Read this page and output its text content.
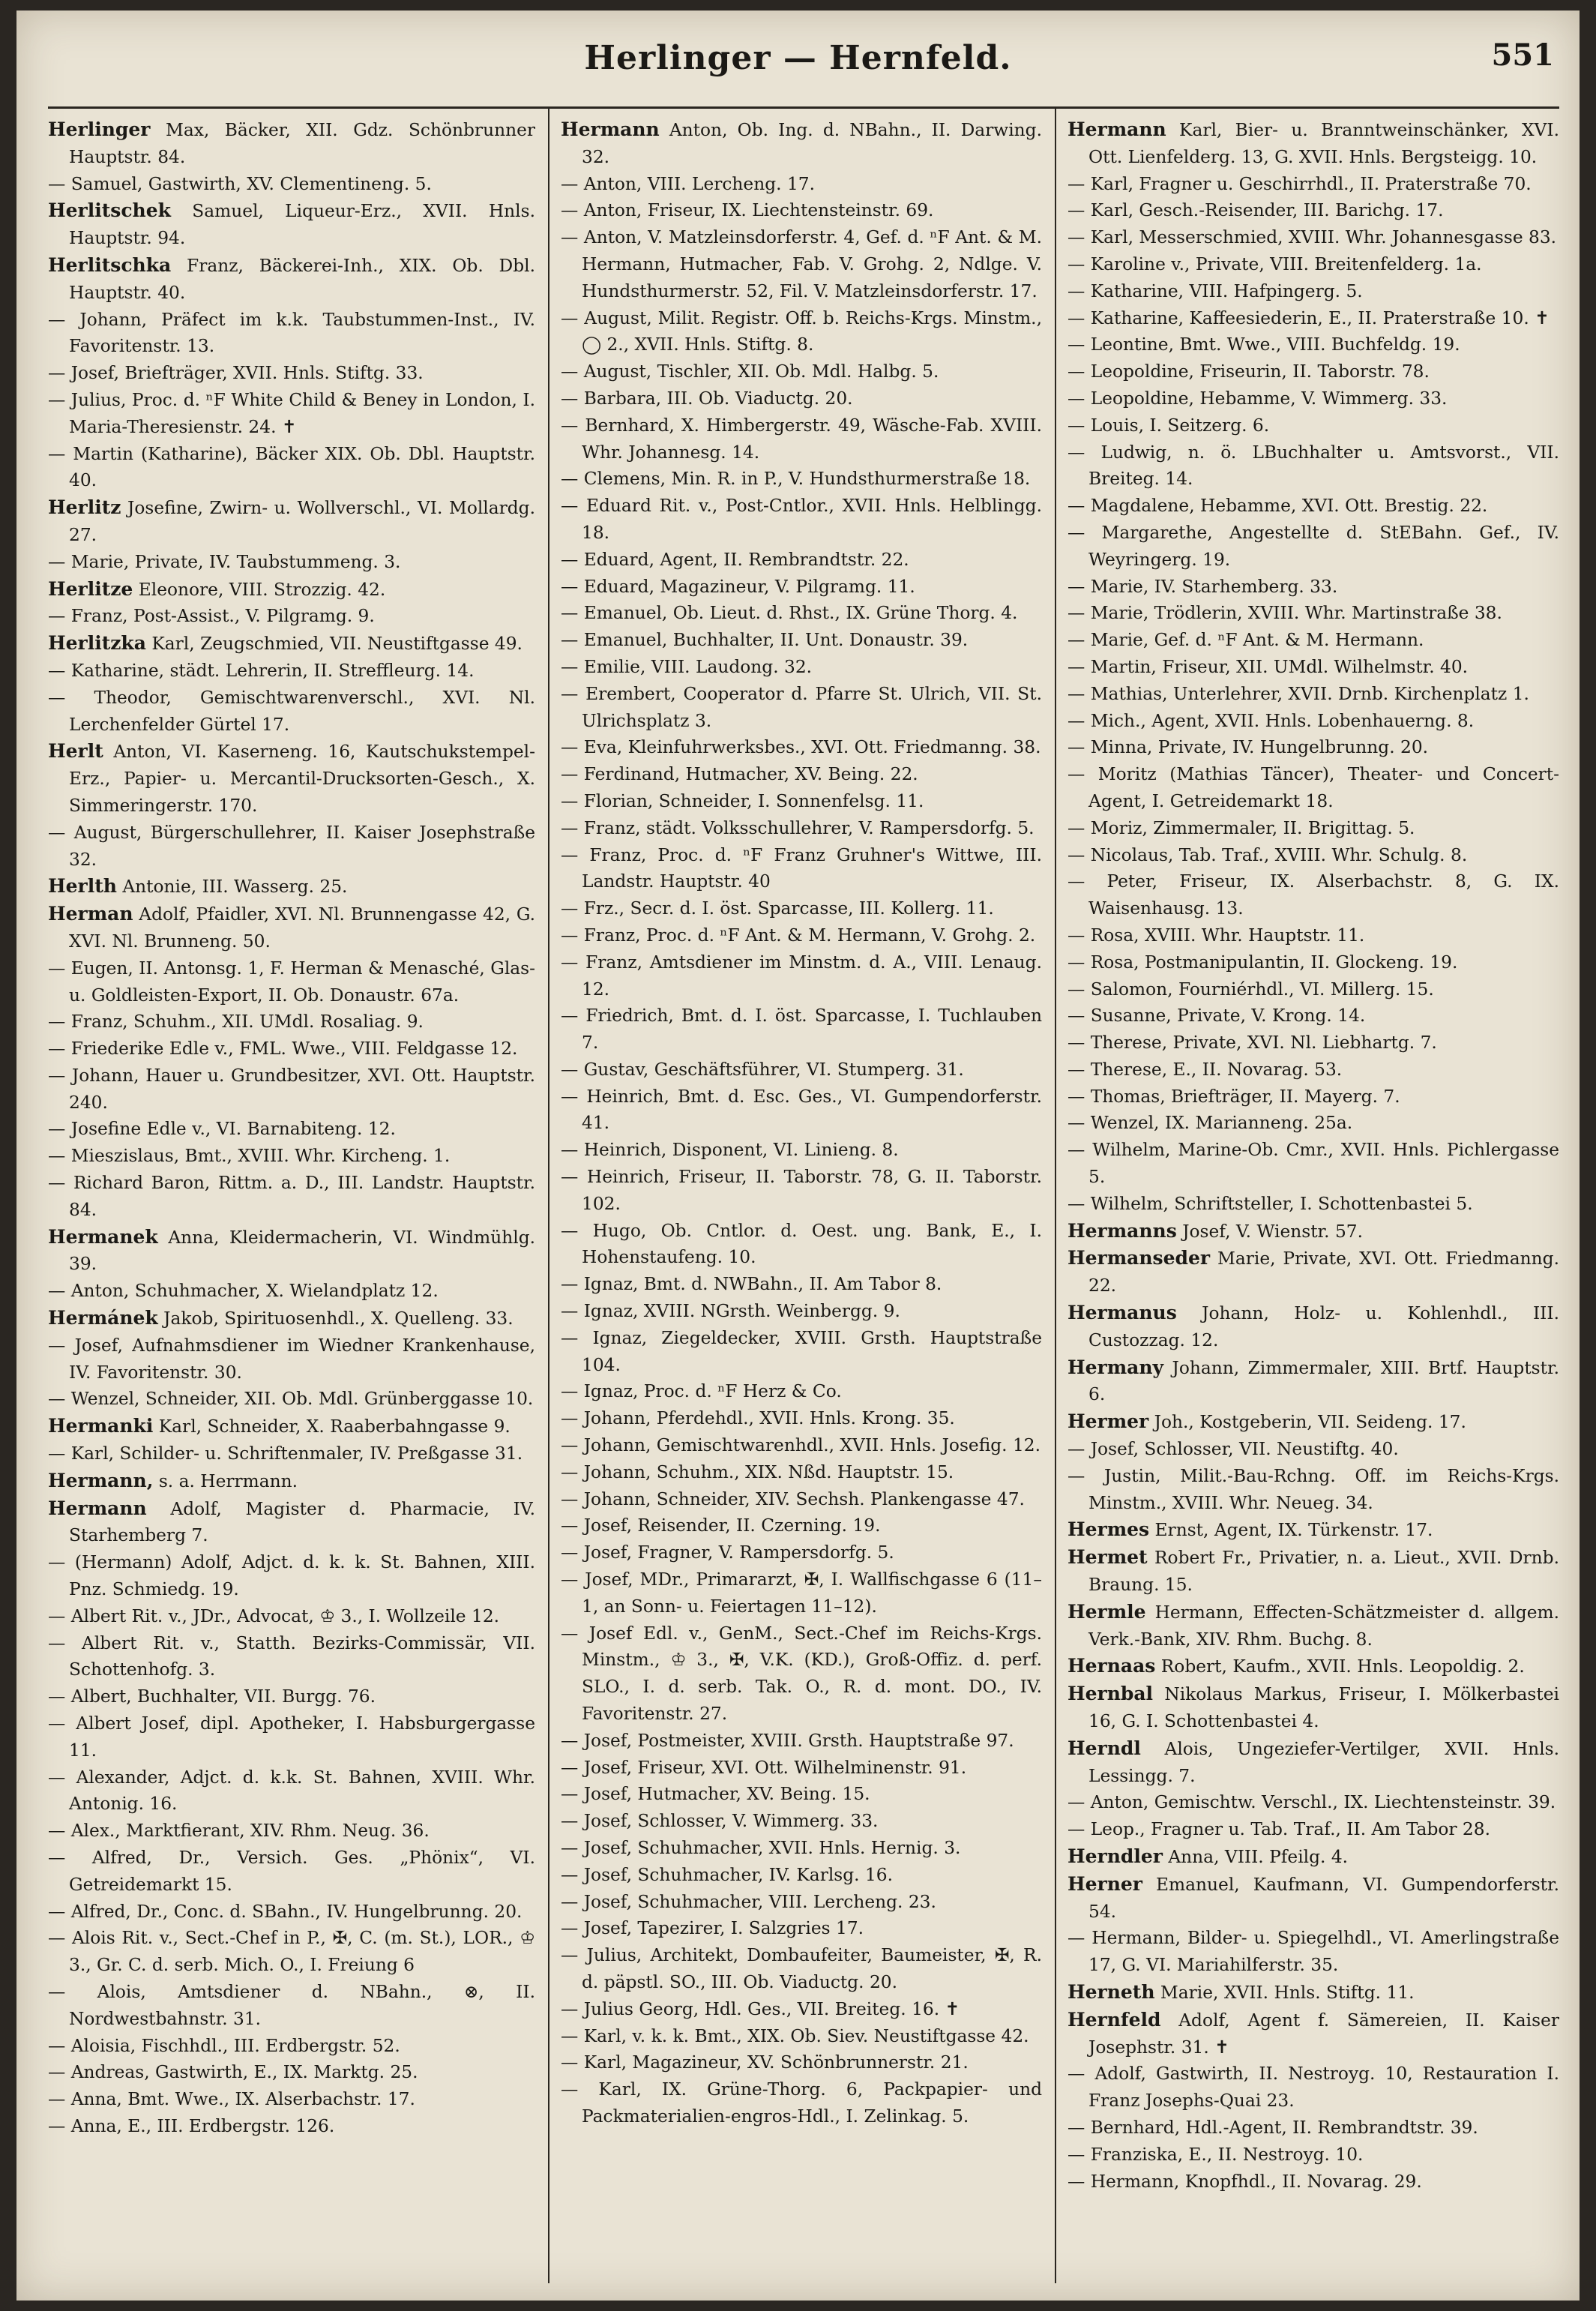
Herlinger — Hernfeld.	551
Herlinger Max, Bäcker, XII. Gdz. Schönbrunner Hauptstr. 84.
— Samuel, Gastwirth, XV. Clementineng. 5.
Herlitschek Samuel, Liqueur-Erz., XVII. Hnls. Hauptstr. 94.
Herlitschka Franz, Bäckerei-Inh., XIX. Ob. Dbl. Hauptstr. 40.
— Johann, Präfect im k.k. Taubstummen-Inst., IV. Favoritenstr. 13.
— Josef, Briefträger, XVII. Hnls. Stiftg. 33.
— Julius, Proc. d. ⁿF White Child & Beney in London, I. Maria-Theresienstr. 24. ✝
— Martin (Katharine), Bäcker XIX. Ob. Dbl. Hauptstr. 40.
Herlitz Josefine, Zwirn- u. Wollverschl., VI. Mollardg. 27.
— Marie, Private, IV. Taubstummeng. 3.
Herlitze Eleonore, VIII. Strozzig. 42.
— Franz, Post-Assist., V. Pilgramg. 9.
Herlitzka Karl, Zeugschmied, VII. Neustiftgasse 49.
— Katharine, städt. Lehrerin, II. Streffleurg. 14.
— Theodor, Gemischtwarenverschl., XVI. Nl. Lerchenfelder Gürtel 17.
Herlt Anton, VI. Kaserneng. 16, Kautschukstempel-Erz., Papier- u. Mercantil-Drucksorten-Gesch., X. Simmeringerstr. 170.
— August, Bürgerschullehrer, II. Kaiser Josephstraße 32.
Herlth Antonie, III. Wasserg. 25.
Herman Adolf, Pfaidler, XVI. Nl. Brunnengasse 42, G. XVI. Nl. Brunneng. 50.
— Eugen, II. Antonsg. 1, F. Herman & Menasché, Glas- u. Goldleisten-Export, II. Ob. Donaustr. 67a.
— Franz, Schuhm., XII. UMdl. Rosaliag. 9.
— Friederike Edle v., FML. Wwe., VIII. Feldgasse 12.
— Johann, Hauer u. Grundbesitzer, XVI. Ott. Hauptstr. 240.
— Josefine Edle v., VI. Barnabiteng. 12.
— Mieszislaus, Bmt., XVIII. Whr. Kircheng. 1.
— Richard Baron, Rittm. a. D., III. Landstr. Hauptstr. 84.
Hermanek Anna, Kleidermacherin, VI. Windmühlg. 39.
— Anton, Schuhmacher, X. Wielandplatz 12.
Hermánek Jakob, Spirituosenhdl., X. Quelleng. 33.
— Josef, Aufnahmsdiener im Wiedner Krankenhause, IV. Favoritenstr. 30.
— Wenzel, Schneider, XII. Ob. Mdl. Grünberggasse 10.
Hermanki Karl, Schneider, X. Raaberbahngasse 9.
— Karl, Schilder- u. Schriftenmaler, IV. Preßgasse 31.
Hermann, s. a. Herrmann.
Hermann Adolf, Magister d. Pharmacie, IV. Starhemberg 7.
— (Hermann) Adolf, Adjct. d. k. k. St. Bahnen, XIII. Pnz. Schmiedg. 19.
— Albert Rit. v., JDr., Advocat, ♔ 3., I. Wollzeile 12.
— Albert Rit. v., Statth. Bezirks-Commissär, VII. Schottenhofg. 3.
— Albert, Buchhalter, VII. Burgg. 76.
— Albert Josef, dipl. Apotheker, I. Habsburgergasse 11.
— Alexander, Adjct. d. k.k. St. Bahnen, XVIII. Whr. Antonig. 16.
— Alex., Marktfierant, XIV. Rhm. Neug. 36.
— Alfred, Dr., Versich. Ges. „Phönix“, VI. Getreidemarkt 15.
— Alfred, Dr., Conc. d. SBahn., IV. Hungelbrunng. 20.
— Alois Rit. v., Sect.-Chef in P., ✠, C. (m. St.), LOR., ♔ 3., Gr. C. d. serb. Mich. O., I. Freiung 6
— Alois, Amtsdiener d. NBahn., ⊗, II. Nordwestbahnstr. 31.
— Aloisia, Fischhdl., III. Erdbergstr. 52.
— Andreas, Gastwirth, E., IX. Marktg. 25.
— Anna, Bmt. Wwe., IX. Alserbachstr. 17.
— Anna, E., III. Erdbergstr. 126.
Hermann Anton, Ob. Ing. d. NBahn., II. Darwing. 32.
— Anton, VIII. Lercheng. 17.
— Anton, Friseur, IX. Liechtensteinstr. 69.
— Anton, V. Matzleinsdorferstr. 4, Gef. d. ⁿF Ant. & M. Hermann, Hutmacher, Fab. V. Grohg. 2, Ndlge. V. Hundsthurmerstr. 52, Fil. V. Matzleinsdorferstr. 17.
— August, Milit. Registr. Off. b. Reichs-Krgs. Minstm., ◯ 2., XVII. Hnls. Stiftg. 8.
— August, Tischler, XII. Ob. Mdl. Halbg. 5.
— Barbara, III. Ob. Viaductg. 20.
— Bernhard, X. Himbergerstr. 49, Wäsche-Fab. XVIII. Whr. Johannesg. 14.
— Clemens, Min. R. in P., V. Hundsthurmerstraße 18.
— Eduard Rit. v., Post-Cntlor., XVII. Hnls. Helblingg. 18.
— Eduard, Agent, II. Rembrandtstr. 22.
— Eduard, Magazineur, V. Pilgramg. 11.
— Emanuel, Ob. Lieut. d. Rhst., IX. Grüne Thorg. 4.
— Emanuel, Buchhalter, II. Unt. Donaustr. 39.
— Emilie, VIII. Laudong. 32.
— Erembert, Cooperator d. Pfarre St. Ulrich, VII. St. Ulrichsplatz 3.
— Eva, Kleinfuhrwerksbes., XVI. Ott. Friedmanng. 38.
— Ferdinand, Hutmacher, XV. Being. 22.
— Florian, Schneider, I. Sonnenfelsg. 11.
— Franz, städt. Volksschullehrer, V. Rampersdorfg. 5.
— Franz, Proc. d. ⁿF Franz Gruhner's Wittwe, III. Landstr. Hauptstr. 40
— Frz., Secr. d. I. öst. Sparcasse, III. Kollerg. 11.
— Franz, Proc. d. ⁿF Ant. & M. Hermann, V. Grohg. 2.
— Franz, Amtsdiener im Minstm. d. A., VIII. Lenaug. 12.
— Friedrich, Bmt. d. I. öst. Sparcasse, I. Tuchlauben 7.
— Gustav, Geschäftsführer, VI. Stumperg. 31.
— Heinrich, Bmt. d. Esc. Ges., VI. Gumpendorferstr. 41.
— Heinrich, Disponent, VI. Linieng. 8.
— Heinrich, Friseur, II. Taborstr. 78, G. II. Taborstr. 102.
— Hugo, Ob. Cntlor. d. Oest. ung. Bank, E., I. Hohenstaufeng. 10.
— Ignaz, Bmt. d. NWBahn., II. Am Tabor 8.
— Ignaz, XVIII. NGrsth. Weinbergg. 9.
— Ignaz, Ziegeldecker, XVIII. Grsth. Hauptstraße 104.
— Ignaz, Proc. d. ⁿF Herz & Co.
— Johann, Pferdehdl., XVII. Hnls. Krong. 35.
— Johann, Gemischtwarenhdl., XVII. Hnls. Josefig. 12.
— Johann, Schuhm., XIX. Nßd. Hauptstr. 15.
— Johann, Schneider, XIV. Sechsh. Plankengasse 47.
— Josef, Reisender, II. Czerning. 19.
— Josef, Fragner, V. Rampersdorfg. 5.
— Josef, MDr., Primararzt, ✠, I. Wallfischgasse 6 (11–1, an Sonn- u. Feiertagen 11–12).
— Josef Edl. v., GenM., Sect.-Chef im Reichs-Krgs. Minstm., ♔ 3., ✠, V.K. (KD.), Groß-Offiz. d. perf. SLO., I. d. serb. Tak. O., R. d. mont. DO., IV. Favoritenstr. 27.
— Josef, Postmeister, XVIII. Grsth. Hauptstraße 97.
— Josef, Friseur, XVI. Ott. Wilhelminenstr. 91.
— Josef, Hutmacher, XV. Being. 15.
— Josef, Schlosser, V. Wimmerg. 33.
— Josef, Schuhmacher, XVII. Hnls. Hernig. 3.
— Josef, Schuhmacher, IV. Karlsg. 16.
— Josef, Schuhmacher, VIII. Lercheng. 23.
— Josef, Tapezirer, I. Salzgries 17.
— Julius, Architekt, Dombaufeiter, Baumeister, ✠, R. d. päpstl. SO., III. Ob. Viaductg. 20.
— Julius Georg, Hdl. Ges., VII. Breiteg. 16. ✝
— Karl, v. k. k. Bmt., XIX. Ob. Siev. Neustiftgasse 42.
— Karl, Magazineur, XV. Schönbrunnerstr. 21.
— Karl, IX. Grüne-Thorg. 6, Packpapier- und Packmaterialien-engros-Hdl., I. Zelinkag. 5.
Hermann Karl, Bier- u. Branntweinschänker, XVI. Ott. Lienfelderg. 13, G. XVII. Hnls. Bergsteigg. 10.
— Karl, Fragner u. Geschirrhdl., II. Praterstraße 70.
— Karl, Gesch.-Reisender, III. Barichg. 17.
— Karl, Messerschmied, XVIII. Whr. Johannesgasse 83.
— Karoline v., Private, VIII. Breitenfelderg. 1a.
— Katharine, VIII. Hafpingerg. 5.
— Katharine, Kaffeesiederin, E., II. Praterstraße 10. ✝
— Leontine, Bmt. Wwe., VIII. Buchfeldg. 19.
— Leopoldine, Friseurin, II. Taborstr. 78.
— Leopoldine, Hebamme, V. Wimmerg. 33.
— Louis, I. Seitzerg. 6.
— Ludwig, n. ö. LBuchhalter u. Amtsvorst., VII. Breiteg. 14.
— Magdalene, Hebamme, XVI. Ott. Brestig. 22.
— Margarethe, Angestellte d. StEBahn. Gef., IV. Weyringerg. 19.
— Marie, IV. Starhemberg. 33.
— Marie, Trödlerin, XVIII. Whr. Martinstraße 38.
— Marie, Gef. d. ⁿF Ant. & M. Hermann.
— Martin, Friseur, XII. UMdl. Wilhelmstr. 40.
— Mathias, Unterlehrer, XVII. Drnb. Kirchenplatz 1.
— Mich., Agent, XVII. Hnls. Lobenhauerng. 8.
— Minna, Private, IV. Hungelbrunng. 20.
— Moritz (Mathias Täncer), Theater- und Concert-Agent, I. Getreidemarkt 18.
— Moriz, Zimmermaler, II. Brigittag. 5.
— Nicolaus, Tab. Traf., XVIII. Whr. Schulg. 8.
— Peter, Friseur, IX. Alserbachstr. 8, G. IX. Waisenhausg. 13.
— Rosa, XVIII. Whr. Hauptstr. 11.
— Rosa, Postmanipulantin, II. Glockeng. 19.
— Salomon, Fourniérhdl., VI. Millerg. 15.
— Susanne, Private, V. Krong. 14.
— Therese, Private, XVI. Nl. Liebhartg. 7.
— Therese, E., II. Novarag. 53.
— Thomas, Briefträger, II. Mayerg. 7.
— Wenzel, IX. Marianneng. 25a.
— Wilhelm, Marine-Ob. Cmr., XVII. Hnls. Pichlergasse 5.
— Wilhelm, Schriftsteller, I. Schottenbastei 5.
Hermanns Josef, V. Wienstr. 57.
Hermanseder Marie, Private, XVI. Ott. Friedmanng. 22.
Hermanus Johann, Holz- u. Kohlenhdl., III. Custozzag. 12.
Hermany Johann, Zimmermaler, XIII. Brtf. Hauptstr. 6.
Hermer Joh., Kostgeberin, VII. Seideng. 17.
— Josef, Schlosser, VII. Neustiftg. 40.
— Justin, Milit.-Bau-Rchng. Off. im Reichs-Krgs. Minstm., XVIII. Whr. Neueg. 34.
Hermes Ernst, Agent, IX. Türkenstr. 17.
Hermet Robert Fr., Privatier, n. a. Lieut., XVII. Drnb. Braung. 15.
Hermle Hermann, Effecten-Schätzmeister d. allgem. Verk.-Bank, XIV. Rhm. Buchg. 8.
Hernaas Robert, Kaufm., XVII. Hnls. Leopoldig. 2.
Hernbal Nikolaus Markus, Friseur, I. Mölkerbastei 16, G. I. Schottenbastei 4.
Herndl Alois, Ungeziefer-Vertilger, XVII. Hnls. Lessingg. 7.
— Anton, Gemischtw. Verschl., IX. Liechtensteinstr. 39.
— Leop., Fragner u. Tab. Traf., II. Am Tabor 28.
Herndler Anna, VIII. Pfeilg. 4.
Herner Emanuel, Kaufmann, VI. Gumpendorferstr. 54.
— Hermann, Bilder- u. Spiegelhdl., VI. Amerlingstraße 17, G. VI. Mariahilferstr. 35.
Herneth Marie, XVII. Hnls. Stiftg. 11.
Hernfeld Adolf, Agent f. Sämereien, II. Kaiser Josephstr. 31. ✝
— Adolf, Gastwirth, II. Nestroyg. 10, Restauration I. Franz Josephs-Quai 23.
— Bernhard, Hdl.-Agent, II. Rembrandtstr. 39.
— Franziska, E., II. Nestroyg. 10.
— Hermann, Knopfhdl., II. Novarag. 29.
